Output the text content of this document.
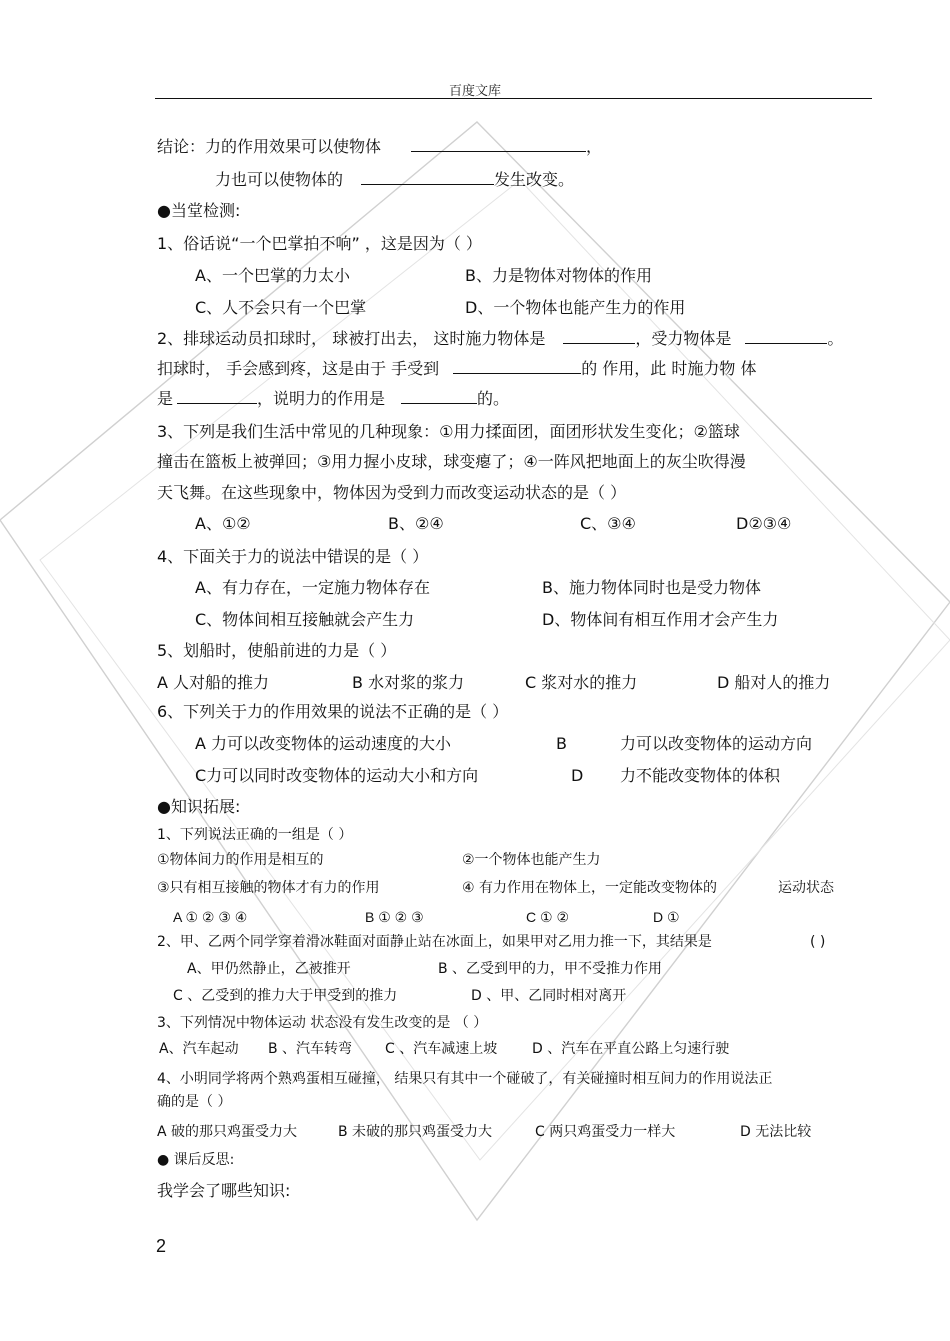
百度文库
结论：力的作用效果可以使物体	，
力也可以使物体的	发生改变。
●当堂检测:
1、俗话说“一个巴掌拍不响” ，这是因为（ ）
A、一个巴掌的力太小	B、力是物体对物体的作用
C、人不会只有一个巴掌	D、一个物体也能产生力的作用
2、排球运动员扣球时， 球被打出去， 这时施力物体是	，受力物体是	。
扣球时， 手会感到疼，这是由于 手受到	的 作用，此 时施力物 体
是	，说明力的作用是	的。
3、下列是我们生活中常见的几种现象：①用力揉面团，面团形状发生变化；②篮球
撞击在篮板上被弹回；③用力握小皮球，球变瘪了；④一阵风把地面上的灰尘吹得漫
天飞舞。在这些现象中，物体因为受到力而改变运动状态的是（ ）
A、①②	B、②④	C、③④	D②③④
4、下面关于力的说法中错误的是（ ）
A、有力存在，一定施力物体存在	B、施力物体同时也是受力物体
C、物体间相互接触就会产生力	D、物体间有相互作用才会产生力
5、划船时，使船前进的力是（ ）
A 人对船的推力	B 水对浆的浆力	C 浆对水的推力	D 船对人的推力
6、下列关于力的作用效果的说法不正确的是（ ）
A 力可以改变物体的运动速度的大小	B	力可以改变物体的运动方向
C力可以同时改变物体的运动大小和方向	D 力不能改变物体的体积
●知识拓展:
1、下列说法正确的一组是（ ）
①物体间力的作用是相互的	②一个物体也能产生力
③只有相互接触的物体才有力的作用	④ 有力作用在物体上，一定能改变物体的	运动状态
A ① ② ③ ④	B ① ② ③	C ① ②	D ①
2、甲、乙两个同学穿着滑冰鞋面对面静止站在冰面上，如果甲对乙用力推一下，其结果是	( )
A、甲仍然静止，乙被推开	B 、乙受到甲的力，甲不受推力作用
C 、乙受到的推力大于甲受到的推力	D 、甲、乙同时相对离开
3、下列情况中物体运动 状态没有发生改变的是 （ ）
A、汽车起动 B 、汽车转弯 C 、汽车减速上坡 D 、汽车在平直公路上匀速行驶
4、小明同学将两个熟鸡蛋相互碰撞， 结果只有其中一个碰破了，有关碰撞时相互间力的作用说法正
确的是（ ）
A 破的那只鸡蛋受力大	B 未破的那只鸡蛋受力大	C 两只鸡蛋受力一样大	D 无法比较
● 课后反思:
我学会了哪些知识:
2
